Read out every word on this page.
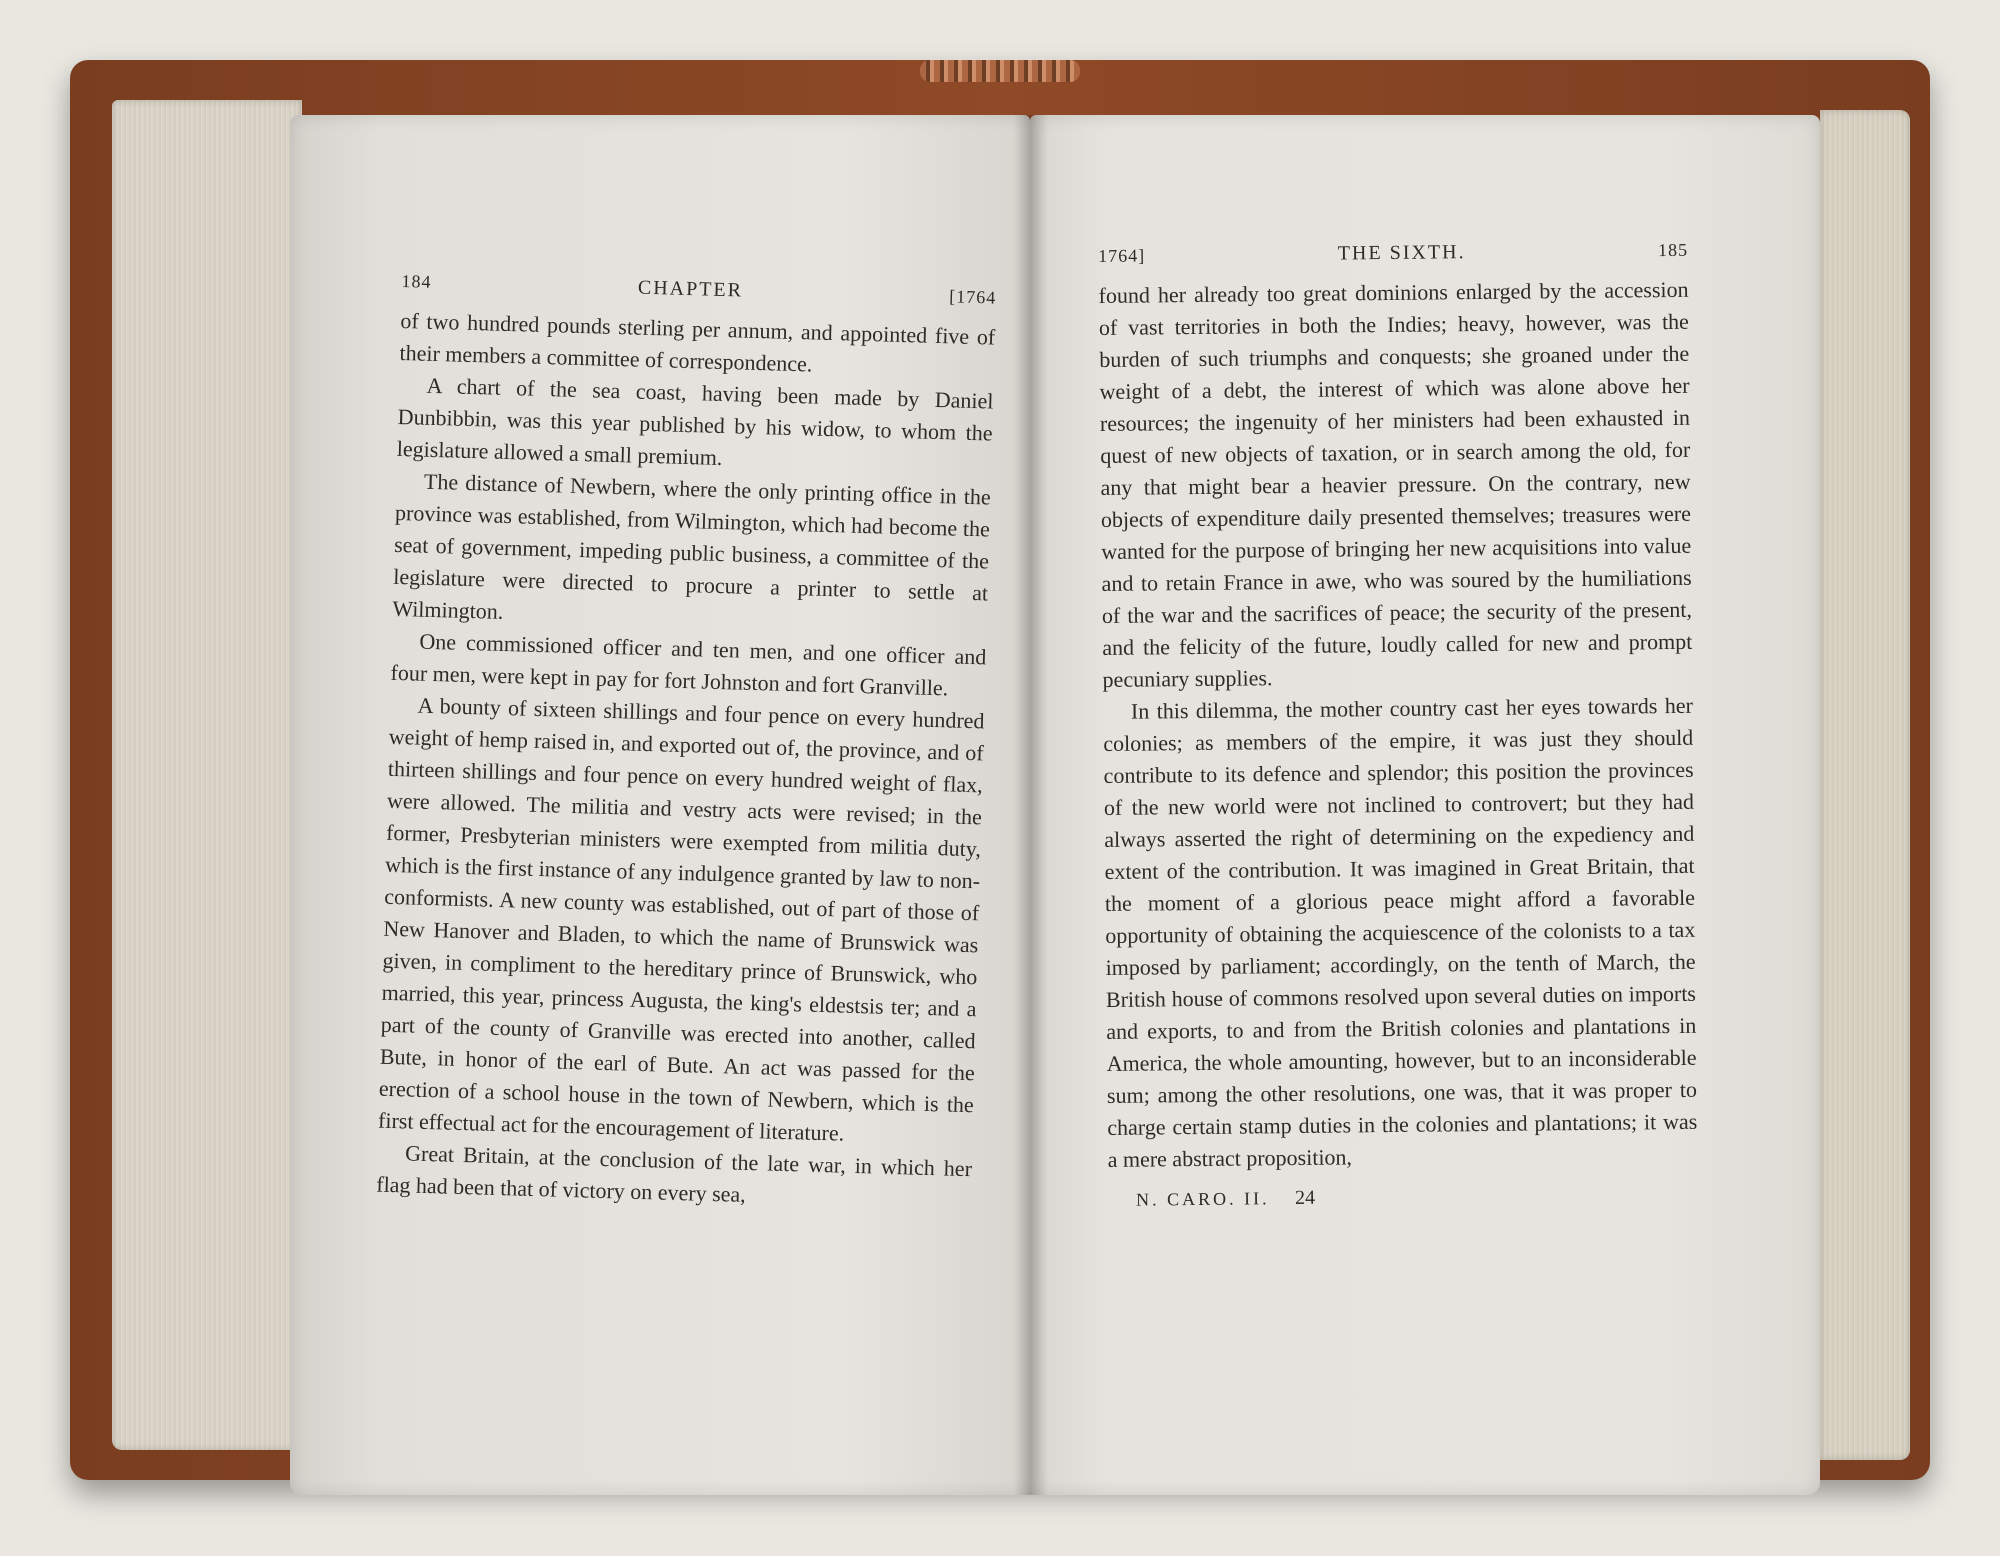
184	CHAPTER	[1764

of two hundred pounds sterling per annum, and appointed five of their members a committee of correspondence.

A chart of the sea coast, having been made by Daniel Dunbibbin, was this year published by his widow, to whom the legislature allowed a small premium.

The distance of Newbern, where the only printing office in the province was established, from Wilmington, which had become the seat of government, impeding public business, a committee of the legislature were directed to procure a printer to settle at Wilmington.

One commissioned officer and ten men, and one officer and four men, were kept in pay for fort Johnston and fort Granville.

A bounty of sixteen shillings and four pence on every hundred weight of hemp raised in, and exported out of, the province, and of thirteen shillings and four pence on every hundred weight of flax, were allowed. The militia and vestry acts were revised; in the former, Presbyterian ministers were exempted from militia duty, which is the first instance of any indulgence granted by law to non-conformists. A new county was established, out of part of those of New Hanover and Bladen, to which the name of Brunswick was given, in compliment to the hereditary prince of Brunswick, who married, this year, princess Augusta, the king's eldestsis ter; and a part of the county of Granville was erected into another, called Bute, in honor of the earl of Bute. An act was passed for the erection of a school house in the town of Newbern, which is the first effectual act for the encouragement of literature.

Great Britain, at the conclusion of the late war, in which her flag had been that of victory on every sea,

1764]	THE SIXTH.	185

found her already too great dominions enlarged by the accession of vast territories in both the Indies; heavy, however, was the burden of such triumphs and conquests; she groaned under the weight of a debt, the interest of which was alone above her resources; the ingenuity of her ministers had been exhausted in quest of new objects of taxation, or in search among the old, for any that might bear a heavier pressure. On the contrary, new objects of expenditure daily presented themselves; treasures were wanted for the purpose of bringing her new acquisitions into value and to retain France in awe, who was soured by the humiliations of the war and the sacrifices of peace; the security of the present, and the felicity of the future, loudly called for new and prompt pecuniary supplies.

In this dilemma, the mother country cast her eyes towards her colonies; as members of the empire, it was just they should contribute to its defence and splendor; this position the provinces of the new world were not inclined to controvert; but they had always asserted the right of determining on the expediency and extent of the contribution. It was imagined in Great Britain, that the moment of a glorious peace might afford a favorable opportunity of obtaining the acquiescence of the colonists to a tax imposed by parliament; accordingly, on the tenth of March, the British house of commons resolved upon several duties on imports and exports, to and from the British colonies and plantations in America, the whole amounting, however, but to an inconsiderable sum; among the other resolutions, one was, that it was proper to charge certain stamp duties in the colonies and plantations; it was a mere abstract proposition,

N. CARO. II. 24
